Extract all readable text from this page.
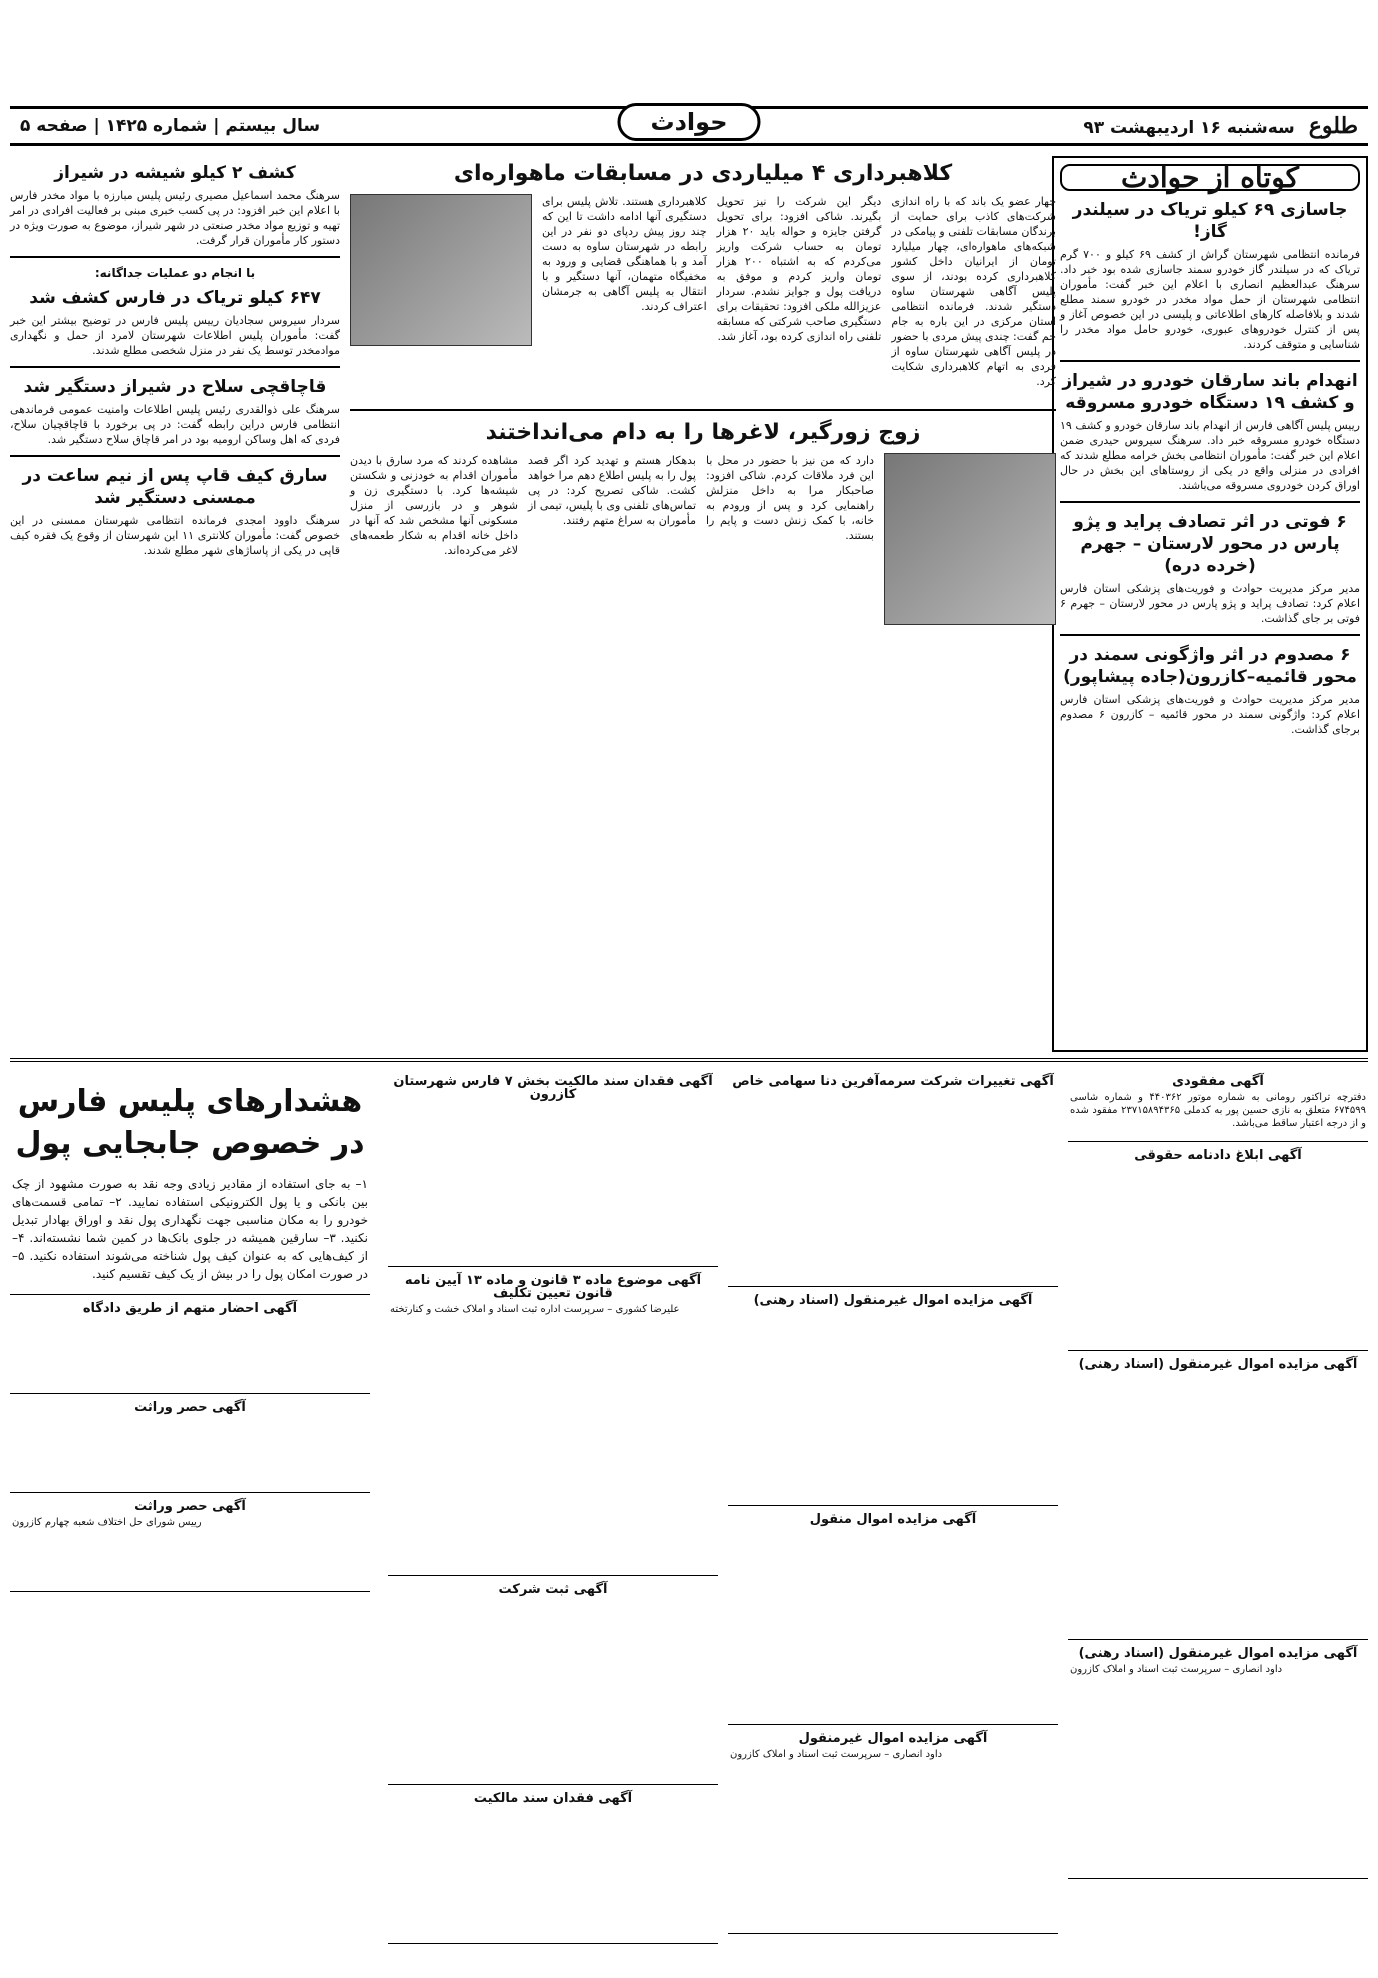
طلوع سه‌شنبه ۱۶ اردیبهشت ۹۳
حوادث
سال بیستم | شماره ۱۴۲۵ | صفحه ۵
کوتاه از حوادث
جاسازی ۶۹ کیلو تریاک در سیلندر گاز!

فرمانده انتظامی شهرستان گراش از کشف ۶۹ کیلو و ۷۰۰ گرم تریاک که در سیلندر گاز خودرو سمند جاسازی شده بود خبر داد. سرهنگ عبدالعظیم انصاری با اعلام این خبر گفت: مأموران انتظامی شهرستان از حمل مواد مخدر در خودرو سمند مطلع شدند و بلافاصله کارهای اطلاعاتی و پلیسی در این خصوص آغاز و پس از کنترل خودروهای عبوری، خودرو حامل مواد مخدر را شناسایی و متوقف کردند.

انهدام باند سارقان خودرو در شیراز و کشف ۱۹ دستگاه خودرو مسروقه

رییس پلیس آگاهی فارس از انهدام باند سارقان خودرو و کشف ۱۹ دستگاه خودرو مسروقه خبر داد. سرهنگ سیروس حیدری ضمن اعلام این خبر گفت: مأموران انتظامی بخش خرامه مطلع شدند که افرادی در منزلی واقع در یکی از روستاهای این بخش در حال اوراق کردن خودروی مسروقه می‌باشند.

۶ فوتی در اثر تصادف پراید و پژو پارس در محور لارستان – جهرم (خرده دره)

مدیر مرکز مدیریت حوادث و فوریت‌های پزشکی استان فارس اعلام کرد: تصادف پراید و پژو پارس در محور لارستان – جهرم ۶ فوتی بر جای گذاشت.

۶ مصدوم در اثر واژگونی سمند در محور قائمیه–کازرون(جاده پیشاپور)

مدیر مرکز مدیریت حوادث و فوریت‌های پزشکی استان فارس اعلام کرد: واژگونی سمند در محور قائمیه – کازرون ۶ مصدوم برجای گذاشت.

کلاهبرداری ۴ میلیاردی در مسابقات ماهواره‌ای

چهار عضو یک باند که با راه اندازی شرکت‌های کاذب برای حمایت از برندگان مسابقات تلفنی و پیامکی در شبکه‌های ماهواره‌ای، چهار میلیارد تومان از ایرانیان داخل کشور کلاهبرداری کرده بودند، از سوی پلیس آگاهی شهرستان ساوه دستگیر شدند. فرمانده انتظامی استان مرکزی در این باره به جام جم گفت: چندی پیش مردی با حضور در پلیس آگاهی شهرستان ساوه از فردی به اتهام کلاهبرداری شکایت کرد.

دیگر این شرکت را نیز تحویل بگیرند. شاکی افزود: برای تحویل گرفتن جایزه و حواله باید ۲۰ هزار تومان به حساب شرکت واریز می‌کردم که به اشتباه ۲۰۰ هزار تومان واریز کردم و موفق به دریافت پول و جوایز نشدم. سردار عزیزالله ملکی افزود: تحقیقات برای دستگیری صاحب شرکتی که مسابقه تلفنی راه اندازی کرده بود، آغاز شد.

کلاهبرداری هستند. تلاش پلیس برای دستگیری آنها ادامه داشت تا این که چند روز پیش ردپای دو نفر در این رابطه در شهرستان ساوه به دست آمد و با هماهنگی قضایی و ورود به مخفیگاه متهمان، آنها دستگیر و با انتقال به پلیس آگاهی به جرمشان اعتراف کردند.

زوج زورگیر، لاغرها را به دام می‌انداختند

دارد که من نیز با حضور در محل با این فرد ملاقات کردم. شاکی افزود: صاحبکار مرا به داخل منزلش راهنمایی کرد و پس از ورودم به خانه، با کمک زنش دست و پایم را بستند.

بدهکار هستم و تهدید کرد اگر قصد پول را به پلیس اطلاع دهم مرا خواهد کشت. شاکی تصریح کرد: در پی تماس‌های تلفنی وی با پلیس، تیمی از مأموران به سراغ متهم رفتند.

مشاهده کردند که مرد سارق با دیدن مأموران اقدام به خودزنی و شکستن شیشه‌ها کرد. با دستگیری زن و شوهر و در بازرسی از منزل مسکونی آنها مشخص شد که آنها در داخل خانه اقدام به شکار طعمه‌های لاغر می‌کرده‌اند.

کشف ۲ کیلو شیشه در شیراز

سرهنگ محمد اسماعیل مصیری رئیس پلیس مبارزه با مواد مخدر فارس با اعلام این خبر افزود: در پی کسب خبری مبنی بر فعالیت افرادی در امر تهیه و توزیع مواد مخدر صنعتی در شهر شیراز، موضوع به صورت ویژه در دستور کار مأموران قرار گرفت.

با انجام دو عملیات جداگانه:
۶۴۷ کیلو تریاک در فارس کشف شد

سردار سیروس سجادیان رییس پلیس فارس در توضیح بیشتر این خبر گفت: مأموران پلیس اطلاعات شهرستان لامرد از حمل و نگهداری موادمخدر توسط یک نفر در منزل شخصی مطلع شدند.

قاچاقچی سلاح در شیراز دستگیر شد

سرهنگ علی ذوالقدری رئیس پلیس اطلاعات وامنیت عمومی فرماندهی انتظامی فارس دراین رابطه گفت: در پی برخورد با قاچاقچیان سلاح، فردی که اهل وساکن ارومیه بود در امر قاچاق سلاح دستگیر شد.

سارق کیف قاپ پس از نیم ساعت در ممسنی دستگیر شد

سرهنگ داوود امجدی فرمانده انتظامی شهرستان ممسنی در این خصوص گفت: مأموران کلانتری ۱۱ این شهرستان از وقوع یک فقره کیف قاپی در یکی از پاساژهای شهر مطلع شدند.

آگهی مفقودی

دفترچه تراکتور رومانی به شماره موتور ۴۴۰۳۶۲ و شماره شاسی ۶۷۴۵۹۹ متعلق به نازی حسین پور به کدملی ۲۳۷۱۵۸۹۴۳۶۵ مفقود شده و از درجه اعتبار ساقط می‌باشد.

آگهی ابلاغ دادنامه حقوقی
آگهی مزایده اموال غیرمنقول (اسناد رهنی)
آگهی مزایده اموال غیرمنقول (اسناد رهنی)
داود انصاری – سرپرست ثبت اسناد و املاک کازرون
آگهی تغییرات شرکت سرمه‌آفرین دنا سهامی خاص
آگهی مزایده اموال غیرمنقول (اسناد رهنی)
آگهی مزایده اموال منقول
آگهی مزایده اموال غیرمنقول
داود انصاری – سرپرست ثبت اسناد و املاک کازرون
آگهی فقدان سند مالکیت بخش ۷ فارس شهرستان کازرون
آگهی موضوع ماده ۳ قانون و ماده ۱۳ آیین نامه قانون تعیین تکلیف
علیرضا کشوری – سرپرست اداره ثبت اسناد و املاک خشت و کنارتخته
آگهی ثبت شرکت
آگهی فقدان سند مالکیت
هشدارهای پلیس فارس در خصوص جابجایی پول

۱– به جای استفاده از مقادیر زیادی وجه نقد به صورت مشهود از چک بین بانکی و یا پول الکترونیکی استفاده نمایید. ۲– تمامی قسمت‌های خودرو را به مکان مناسبی جهت نگهداری پول نقد و اوراق بهادار تبدیل نکنید. ۳– سارقین همیشه در جلوی بانک‌ها در کمین شما نشسته‌اند. ۴– از کیف‌هایی که به عنوان کیف پول شناخته می‌شوند استفاده نکنید. ۵– در صورت امکان پول را در بیش از یک کیف تقسیم کنید.

آگهی احضار متهم از طریق دادگاه
آگهی حصر وراثت
آگهی حصر وراثت
رییس شورای حل اختلاف شعبه چهارم کازرون
